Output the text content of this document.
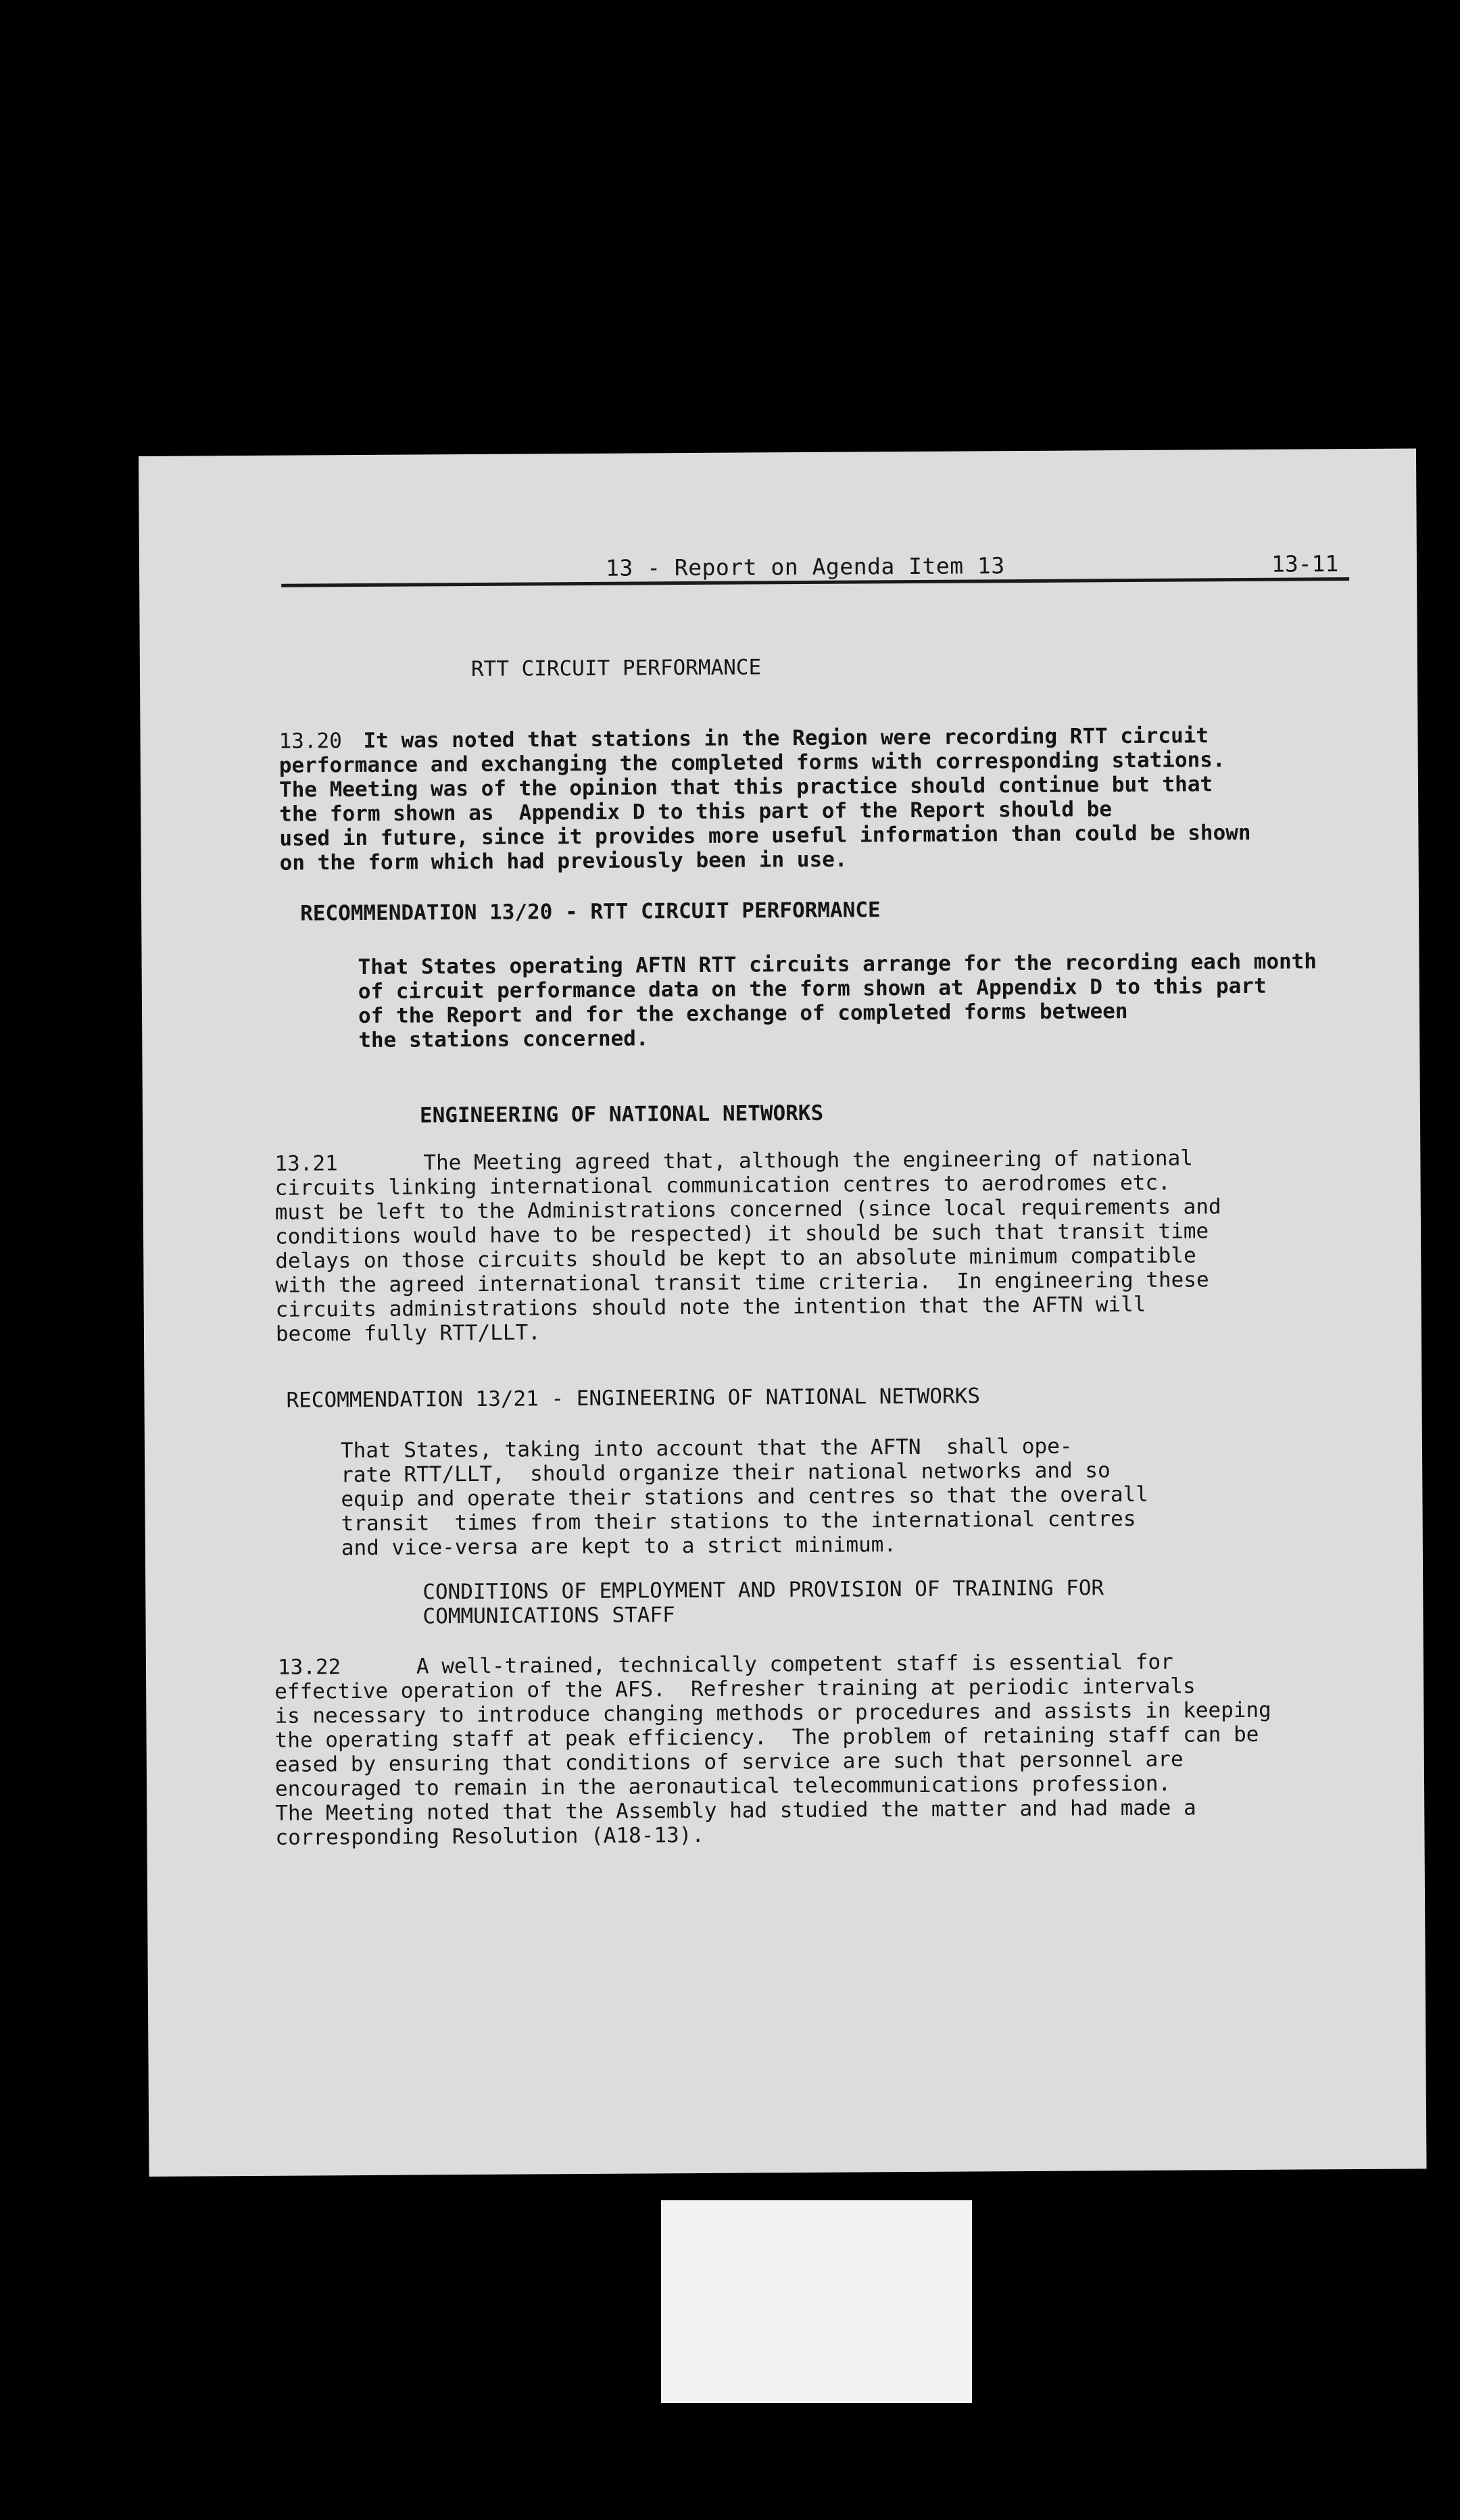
13 - Report on Agenda Item 13	13-11
RTT CIRCUIT PERFORMANCE
13.20 It was noted that stations in the Region were recording RTT circuit
performance and exchanging the completed forms with corresponding stations.
The Meeting was of the opinion that this practice should continue but that
the form shown as  Appendix D to this part of the Report should be
used in future, since it provides more useful information than could be shown
on the form which had previously been in use.
RECOMMENDATION 13/20 - RTT CIRCUIT PERFORMANCE
That States operating AFTN RTT circuits arrange for the recording each month
of circuit performance data on the form shown at Appendix D to this part
of the Report and for the exchange of completed forms between
the stations concerned.
ENGINEERING OF NATIONAL NETWORKS
13.21	The Meeting agreed that, although the engineering of national
circuits linking international communication centres to aerodromes etc.
must be left to the Administrations concerned (since local requirements and
conditions would have to be respected) it should be such that transit time
delays on those circuits should be kept to an absolute minimum compatible
with the agreed international transit time criteria.  In engineering these
circuits administrations should note the intention that the AFTN will
become fully RTT/LLT.
RECOMMENDATION 13/21 - ENGINEERING OF NATIONAL NETWORKS
That States, taking into account that the AFTN  shall ope-
rate RTT/LLT,  should organize their national networks and so
equip and operate their stations and centres so that the overall
transit  times from their stations to the international centres
and vice-versa are kept to a strict minimum.
CONDITIONS OF EMPLOYMENT AND PROVISION OF TRAINING FOR
COMMUNICATIONS STAFF
13.22	A well-trained, technically competent staff is essential for
effective operation of the AFS.  Refresher training at periodic intervals
is necessary to introduce changing methods or procedures and assists in keeping
the operating staff at peak efficiency.  The problem of retaining staff can be
eased by ensuring that conditions of service are such that personnel are
encouraged to remain in the aeronautical telecommunications profession.
The Meeting noted that the Assembly had studied the matter and had made a
corresponding Resolution (A18-13).
